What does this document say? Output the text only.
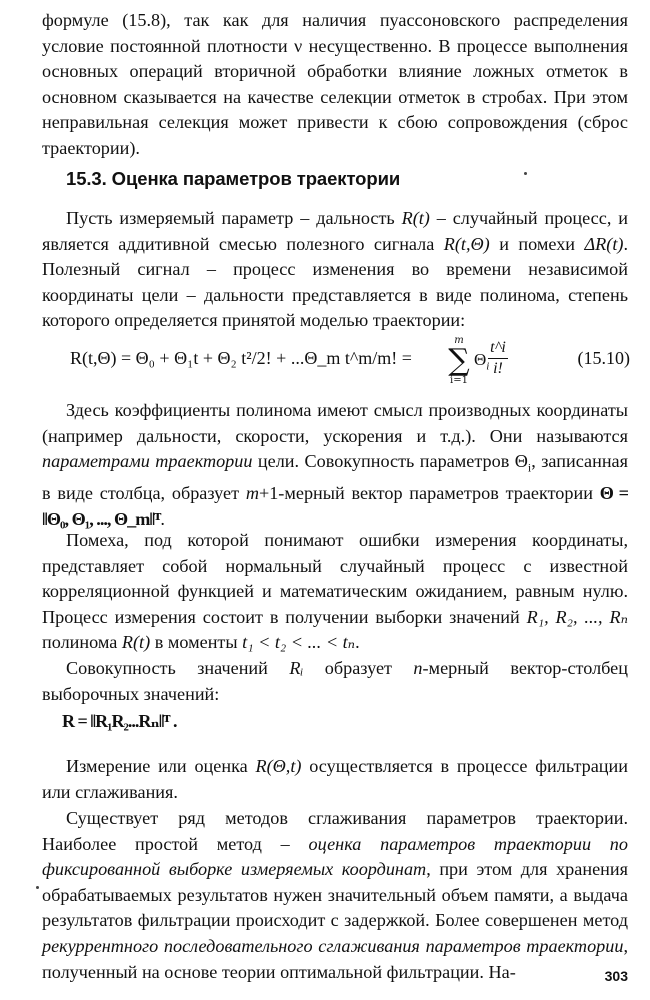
формуле (15.8), так как для наличия пуассоновского распределения условие постоянной плотности ν несущественно. В процессе выполнения основных операций вторичной обработки влияние ложных отметок в основном сказывается на качестве селекции отметок в стробах. При этом неправильная селекция может привести к сбою сопровождения (сброс траектории).

15.3. Оценка параметров траектории

Пусть измеряемый параметр – дальность R(t) – случайный процесс, и является аддитивной смесью полезного сигнала R(t,Θ) и помехи ΔR(t). Полезный сигнал – процесс изменения во времени независимой координаты цели – дальности представляется в виде полинома, степень которого определяется принятой моделью траектории:

R(t,Θ) = Θ₀ + Θ₁t + Θ₂ t²/2! + ...Θ_m t^m/m! =
m
∑
i=1
$\Theta_i$
$\frac{t\^{}i}{i!}$	(15.10)

Здесь коэффициенты полинома имеют смысл производных координаты (например дальности, скорости, ускорения и т.д.). Они называются параметрами траектории цели. Совокупность параметров $\Theta_i$, записанная в виде столбца, образует m+1-мерный вектор параметров траектории Θ = ‖Θ₀, Θ₁, ..., Θ_m‖ᵀ.

Помеха, под которой понимают ошибки измерения координаты, представляет собой нормальный случайный процесс с известной корреляционной функцией и математическим ожиданием, равным нулю. Процесс измерения состоит в получении выборки значений R₁, R₂, ..., Rₙ полинома R(t) в моменты t₁ < t₂ < ... < tₙ.

Совокупность значений Rᵢ образует n-мерный вектор-столбец выборочных значений:

R = ‖R₁R₂...Rₙ‖ᵀ .

Измерение или оценка R(Θ,t) осуществляется в процессе фильтрации или сглаживания.

Существует ряд методов сглаживания параметров траектории. Наиболее простой метод – оценка параметров траектории по фиксированной выборке измеряемых координат, при этом для хранения обрабатываемых результатов нужен значительный объем памяти, а выдача результатов фильтрации происходит с задержкой. Более совершенен метод рекуррентного последовательного сглаживания параметров траектории, полученный на основе теории оптимальной фильтрации. На-	303
